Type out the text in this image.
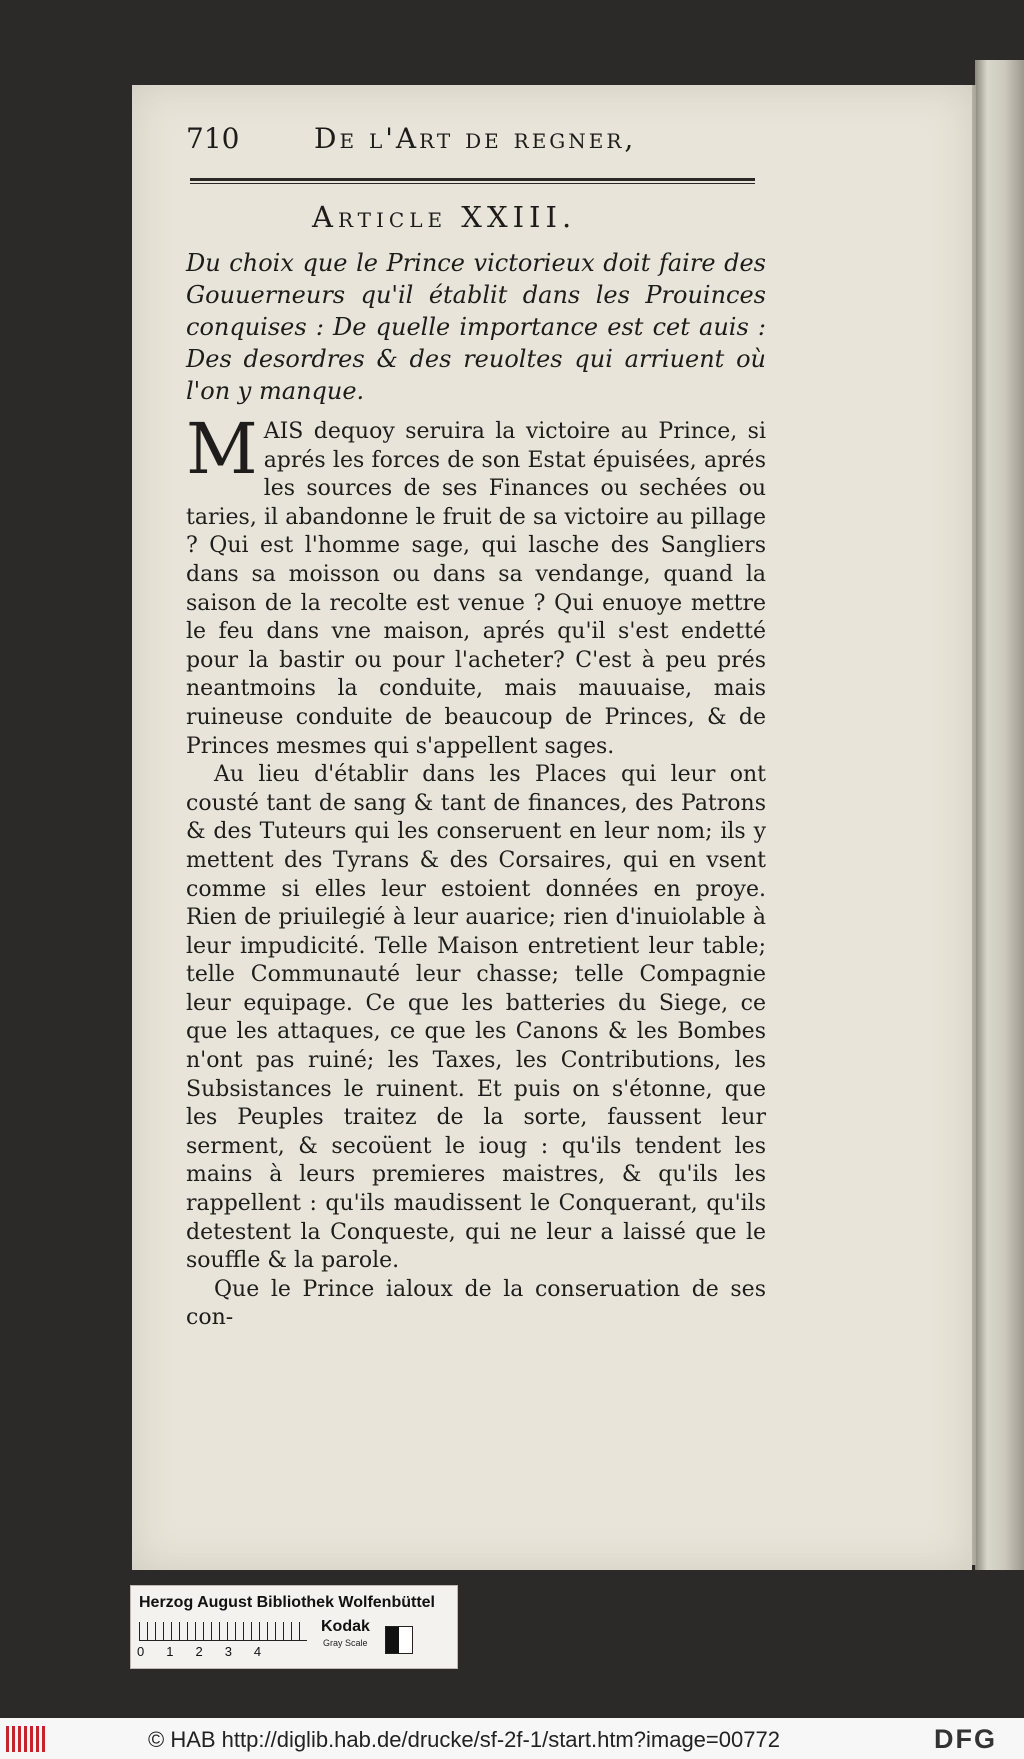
710	De l'Art de regner,
Article XXIII.
Du choix que le Prince victorieux doit faire des Gouuerneurs qu'il établit dans les Prouinces conquises : De quelle importance est cet auis : Des desordres & des reuoltes qui arriuent où l'on y manque.

MAIS dequoy seruira la victoire au Prince, si aprés les forces de son Estat épuisées, aprés les sources de ses Finances ou sechées ou taries, il abandonne le fruit de sa victoire au pillage ? Qui est l'homme sage, qui lasche des Sangliers dans sa moisson ou dans sa vendange, quand la saison de la recolte est venue ? Qui enuoye mettre le feu dans vne maison, aprés qu'il s'est endetté pour la bastir ou pour l'acheter? C'est à peu prés neantmoins la conduite, mais mauuaise, mais ruineuse conduite de beaucoup de Princes, & de Princes mesmes qui s'appellent sages.

Au lieu d'établir dans les Places qui leur ont cousté tant de sang & tant de finances, des Patrons & des Tuteurs qui les conseruent en leur nom; ils y mettent des Tyrans & des Corsaires, qui en vsent comme si elles leur estoient données en proye. Rien de priuilegié à leur auarice; rien d'inuiolable à leur impudicité. Telle Maison entretient leur table; telle Communauté leur chasse; telle Compagnie leur equipage. Ce que les batteries du Siege, ce que les attaques, ce que les Canons & les Bombes n'ont pas ruiné; les Taxes, les Contributions, les Subsistances le ruinent. Et puis on s'étonne, que les Peuples traitez de la sorte, faussent leur serment, & secoüent le ioug : qu'ils tendent les mains à leurs premieres maistres, & qu'ils les rappellent : qu'ils maudissent le Conquerant, qu'ils detestent la Conqueste, qui ne leur a laissé que le souffle & la parole.

Que le Prince ialoux de la conseruation de ses con-

Herzog August Bibliothek Wolfenbüttel
01234
Kodak
Gray Scale
© HAB http://diglib.hab.de/drucke/sf-2f-1/start.htm?image=00772	DFG
